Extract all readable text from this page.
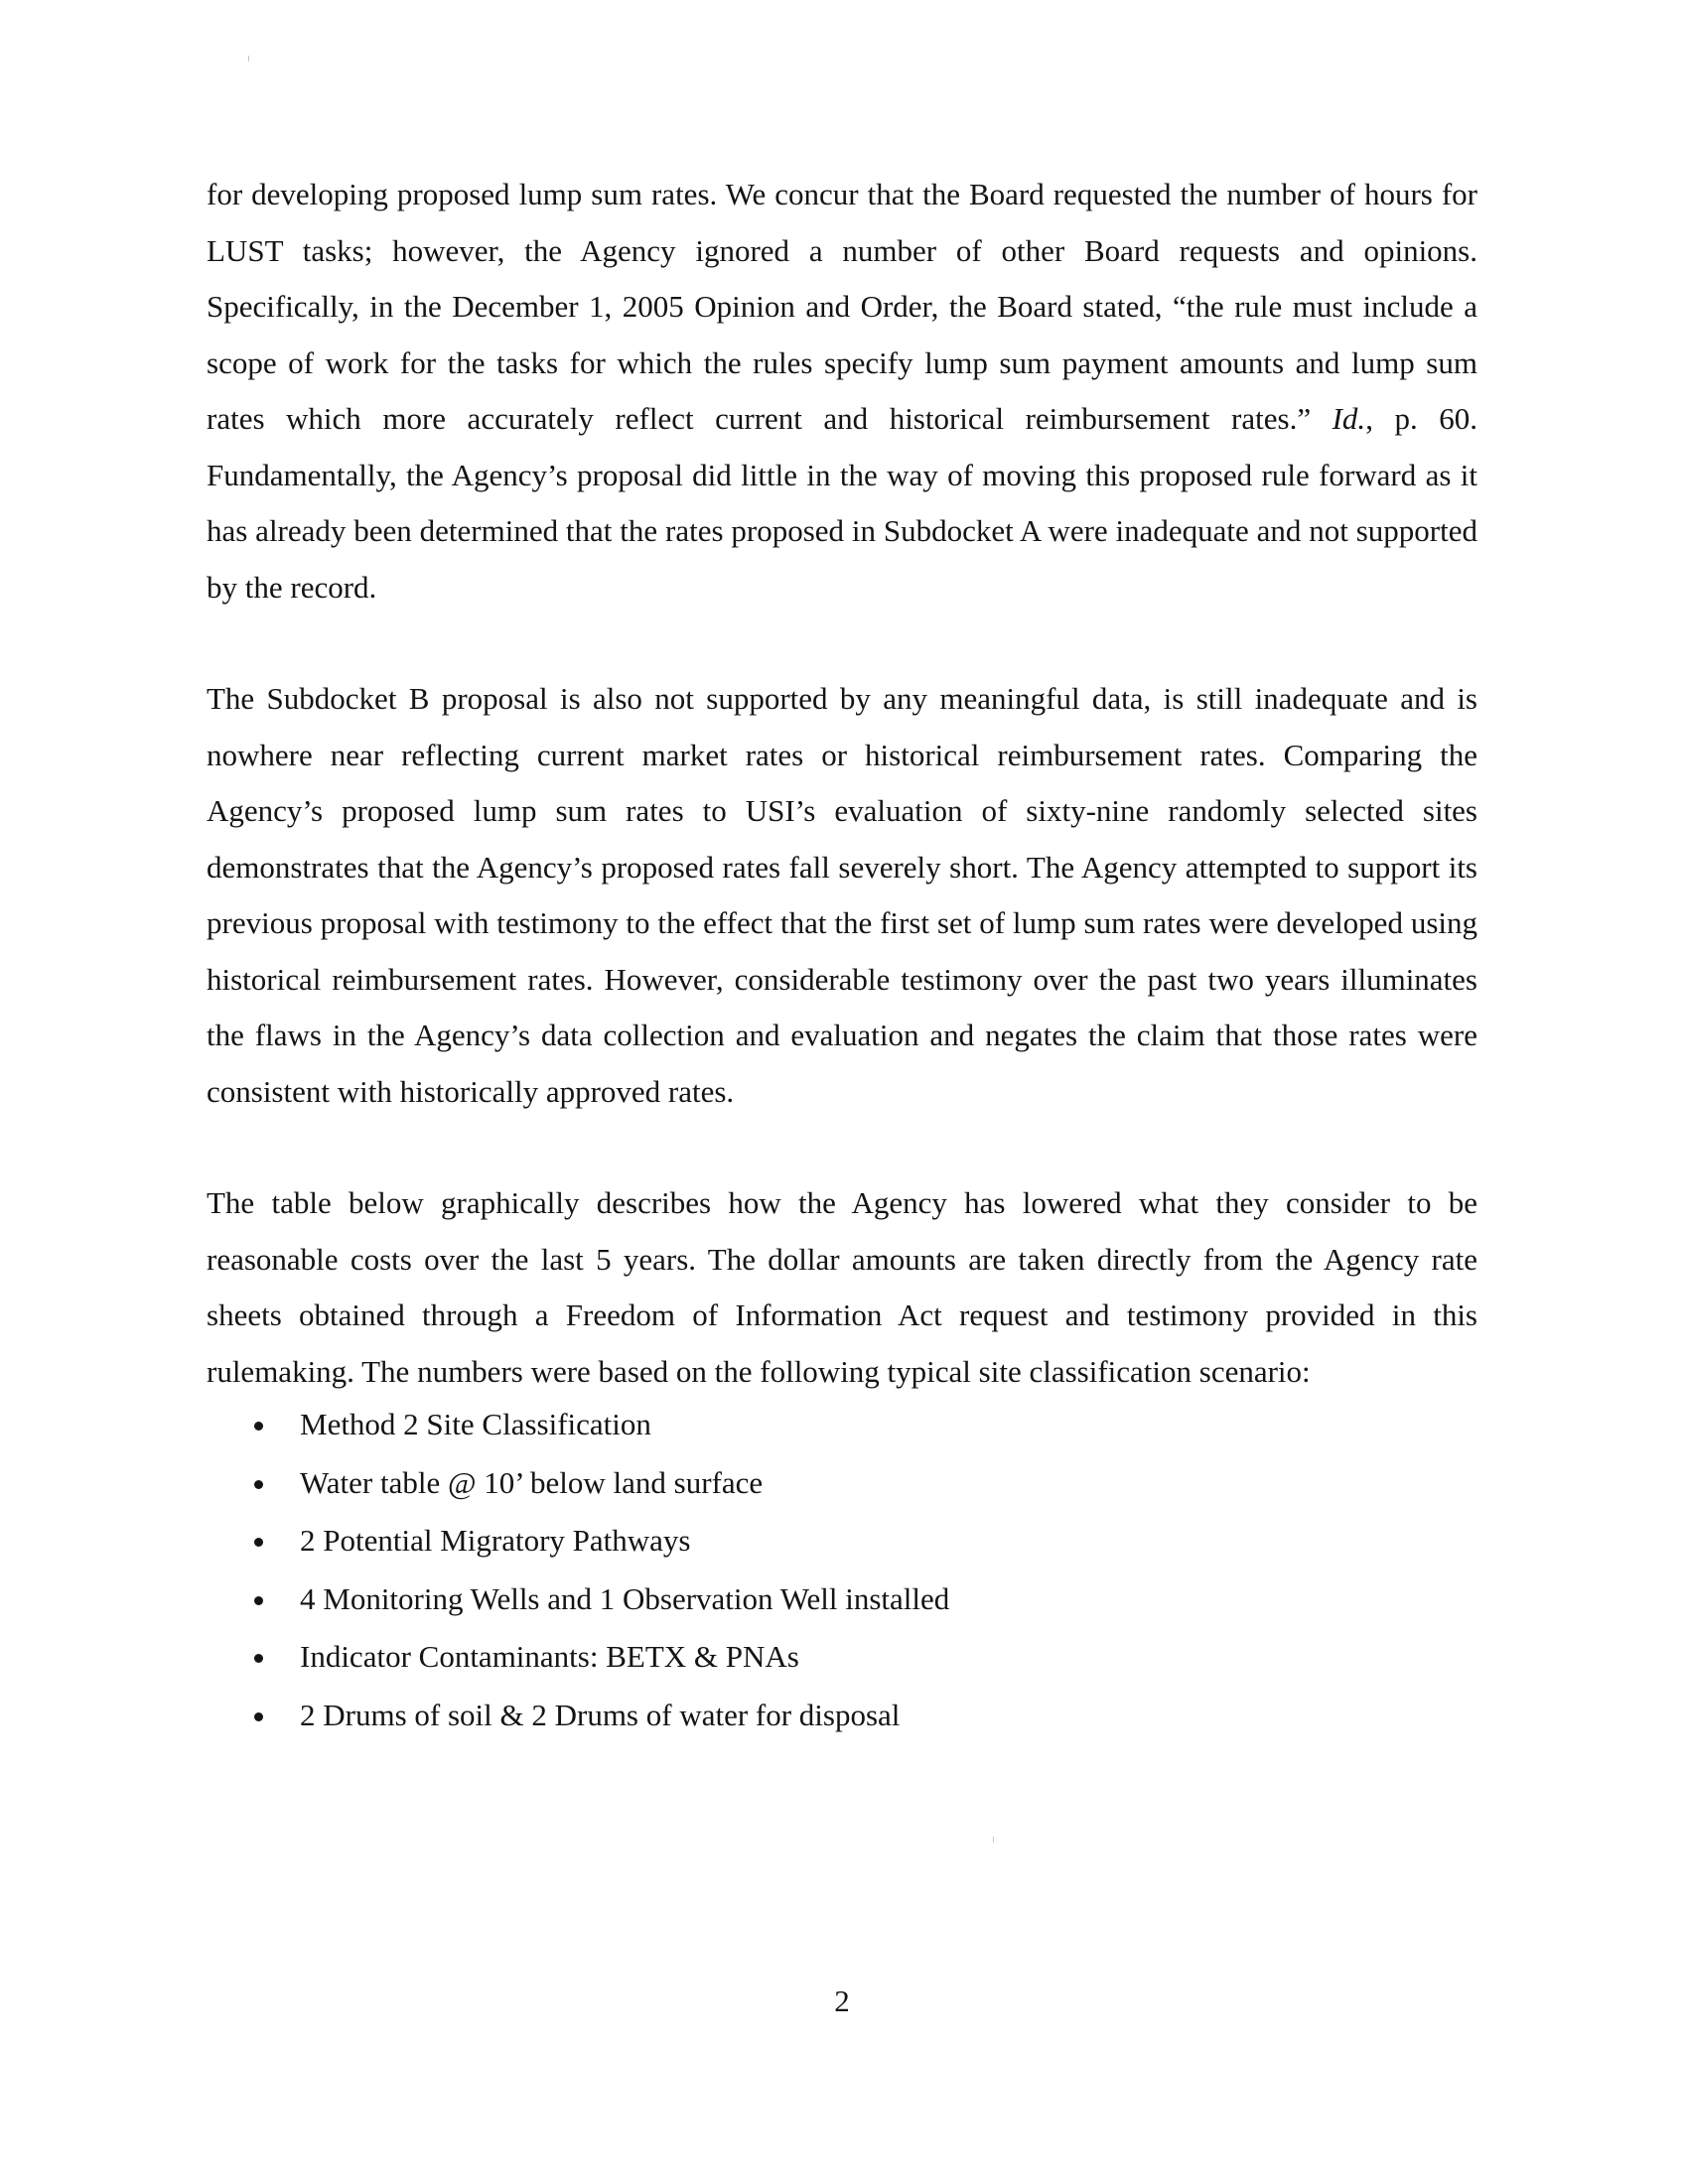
for developing proposed lump sum rates. We concur that the Board requested the number of hours for LUST tasks; however, the Agency ignored a number of other Board requests and opinions. Specifically, in the December 1, 2005 Opinion and Order, the Board stated, “the rule must include a scope of work for the tasks for which the rules specify lump sum payment amounts and lump sum rates which more accurately reflect current and historical reimbursement rates.” Id., p. 60. Fundamentally, the Agency’s proposal did little in the way of moving this proposed rule forward as it has already been determined that the rates proposed in Subdocket A were inadequate and not supported by the record.

The Subdocket B proposal is also not supported by any meaningful data, is still inadequate and is nowhere near reflecting current market rates or historical reimbursement rates. Comparing the Agency’s proposed lump sum rates to USI’s evaluation of sixty-nine randomly selected sites demonstrates that the Agency’s proposed rates fall severely short. The Agency attempted to support its previous proposal with testimony to the effect that the first set of lump sum rates were developed using historical reimbursement rates. However, considerable testimony over the past two years illuminates the flaws in the Agency’s data collection and evaluation and negates the claim that those rates were consistent with historically approved rates.

The table below graphically describes how the Agency has lowered what they consider to be reasonable costs over the last 5 years. The dollar amounts are taken directly from the Agency rate sheets obtained through a Freedom of Information Act request and testimony provided in this rulemaking. The numbers were based on the following typical site classification scenario:

Method 2 Site Classification
Water table @ 10’ below land surface
2 Potential Migratory Pathways
4 Monitoring Wells and 1 Observation Well installed
Indicator Contaminants: BETX & PNAs
2 Drums of soil & 2 Drums of water for disposal
2
